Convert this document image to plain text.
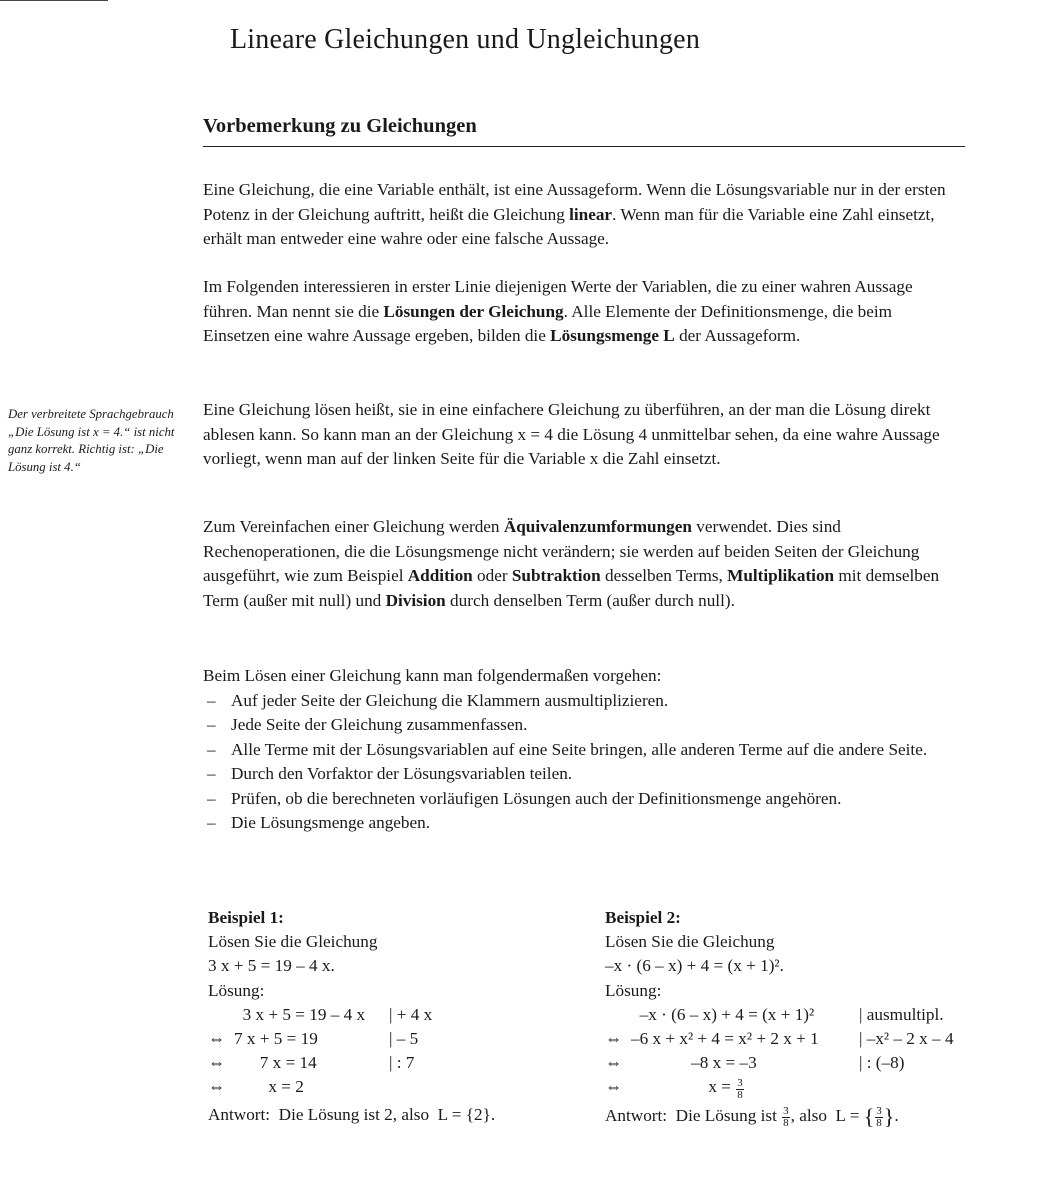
Lineare Gleichungen und Ungleichungen
Vorbemerkung zu Gleichungen

Der verbreitete Sprachgebrauch „Die Lösung ist x = 4.“ ist nicht ganz korrekt. Richtig ist: „Die Lösung ist 4.“

Eine Gleichung, die eine Variable enthält, ist eine Aussageform. Wenn die Lösungsvariable nur in der ersten Potenz in der Gleichung auftritt, heißt die Gleichung linear. Wenn man für die Variable eine Zahl einsetzt, erhält man entweder eine wahre oder eine falsche Aussage.

Im Folgenden interessieren in erster Linie diejenigen Werte der Variablen, die zu einer wahren Aussage führen. Man nennt sie die Lösungen der Gleichung. Alle Elemente der Definitionsmenge, die beim Einsetzen eine wahre Aussage ergeben, bilden die Lösungsmenge L der Aussageform.

Eine Gleichung lösen heißt, sie in eine einfachere Gleichung zu überführen, an der man die Lösung direkt ablesen kann. So kann man an der Gleichung x = 4 die Lösung 4 unmittelbar sehen, da eine wahre Aussage vorliegt, wenn man auf der linken Seite für die Variable x die Zahl einsetzt.

Zum Vereinfachen einer Gleichung werden Äquivalenzumformungen verwendet. Dies sind Rechenoperationen, die die Lösungsmenge nicht verändern; sie werden auf beiden Seiten der Gleichung ausgeführt, wie zum Beispiel Addition oder Subtraktion desselben Terms, Multiplikation mit demselben Term (außer mit null) und Division durch denselben Term (außer durch null).

Beim Lösen einer Gleichung kann man folgendermaßen vorgehen:

– Auf jeder Seite der Gleichung die Klammern ausmultiplizieren.
– Jede Seite der Gleichung zusammenfassen.
– Alle Terme mit der Lösungsvariablen auf eine Seite bringen, alle anderen Terme auf die andere Seite.
– Durch den Vorfaktor der Lösungsvariablen teilen.
– Prüfen, ob die berechneten vorläufigen Lösungen auch der Definitionsmenge angehören.
– Die Lösungsmenge angeben.

Beispiel 1:

Lösen Sie die Gleichung

3 x + 5 = 19 – 4 x.

Lösung:

3 x + 5 = 19 – 4 x	| + 4 x
⇔ 7 x + 5 = 19	| – 5
⇔ 7 x = 14	| : 7
⇔ x = 2

Antwort:  Die Lösung ist 2, also  L = {2}.

Beispiel 2:

Lösen Sie die Gleichung

–x · (6 – x) + 4 = (x + 1)².

Lösung:

–x · (6 – x) + 4 = (x + 1)²	| ausmultipl.
⇔ –6 x + x² + 4 = x² + 2 x + 1	| –x² – 2 x – 4
⇔ –8 x = –3	| : (–8)
⇔ $x = \frac{3}{8}$

Antwort:  Die Lösung ist $\frac{3}{8}$ , also  L = { $\frac{3}{8}$ }.
